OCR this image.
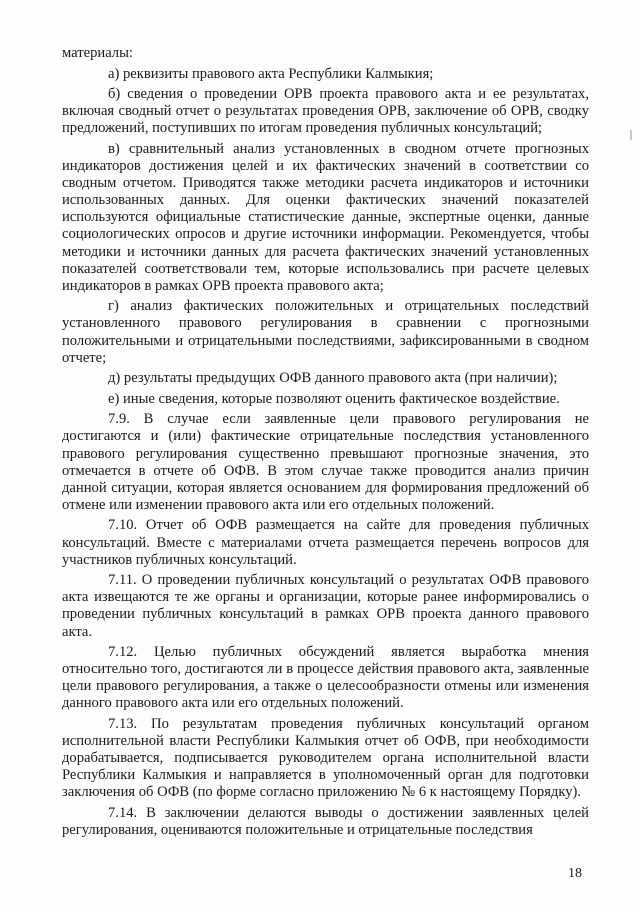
материалы:

а) реквизиты правового акта Республики Калмыкия;

б) сведения о проведении ОРВ проекта правового акта и ее результатах, включая сводный отчет о результатах проведения ОРВ, заключение об ОРВ, сводку предложений, поступивших по итогам проведения публичных консультаций;

в) сравнительный анализ установленных в сводном отчете прогнозных индикаторов достижения целей и их фактических значений в соответствии со сводным отчетом. Приводятся также методики расчета индикаторов и источники использованных данных. Для оценки фактических значений показателей используются официальные статистические данные, экспертные оценки, данные социологических опросов и другие источники информации. Рекомендуется, чтобы методики и источники данных для расчета фактических значений установленных показателей соответствовали тем, которые использовались при расчете целевых индикаторов в рамках ОРВ проекта правового акта;

г) анализ фактических положительных и отрицательных последствий установленного правового регулирования в сравнении с прогнозными положительными и отрицательными последствиями, зафиксированными в сводном отчете;

д) результаты предыдущих ОФВ данного правового акта (при наличии);

е) иные сведения, которые позволяют оценить фактическое воздействие.

7.9. В случае если заявленные цели правового регулирования не достигаются и (или) фактические отрицательные последствия установленного правового регулирования существенно превышают прогнозные значения, это отмечается в отчете об ОФВ. В этом случае также проводится анализ причин данной ситуации, которая является основанием для формирования предложений об отмене или изменении правового акта или его отдельных положений.

7.10. Отчет об ОФВ размещается на сайте для проведения публичных консультаций. Вместе с материалами отчета размещается перечень вопросов для участников публичных консультаций.

7.11. О проведении публичных консультаций о результатах ОФВ правового акта извещаются те же органы и организации, которые ранее информировались о проведении публичных консультаций в рамках ОРВ проекта данного правового акта.

7.12. Целью публичных обсуждений является выработка мнения относительно того, достигаются ли в процессе действия правового акта, заявленные цели правового регулирования, а также о целесообразности отмены или изменения данного правового акта или его отдельных положений.

7.13. По результатам проведения публичных консультаций органом исполнительной власти Республики Калмыкия отчет об ОФВ, при необходимости дорабатывается, подписывается руководителем органа исполнительной власти Республики Калмыкия и направляется в уполномоченный орган для подготовки заключения об ОФВ (по форме согласно приложению № 6 к настоящему Порядку).

7.14. В заключении делаются выводы о достижении заявленных целей регулирования, оцениваются положительные и отрицательные последствия

18
